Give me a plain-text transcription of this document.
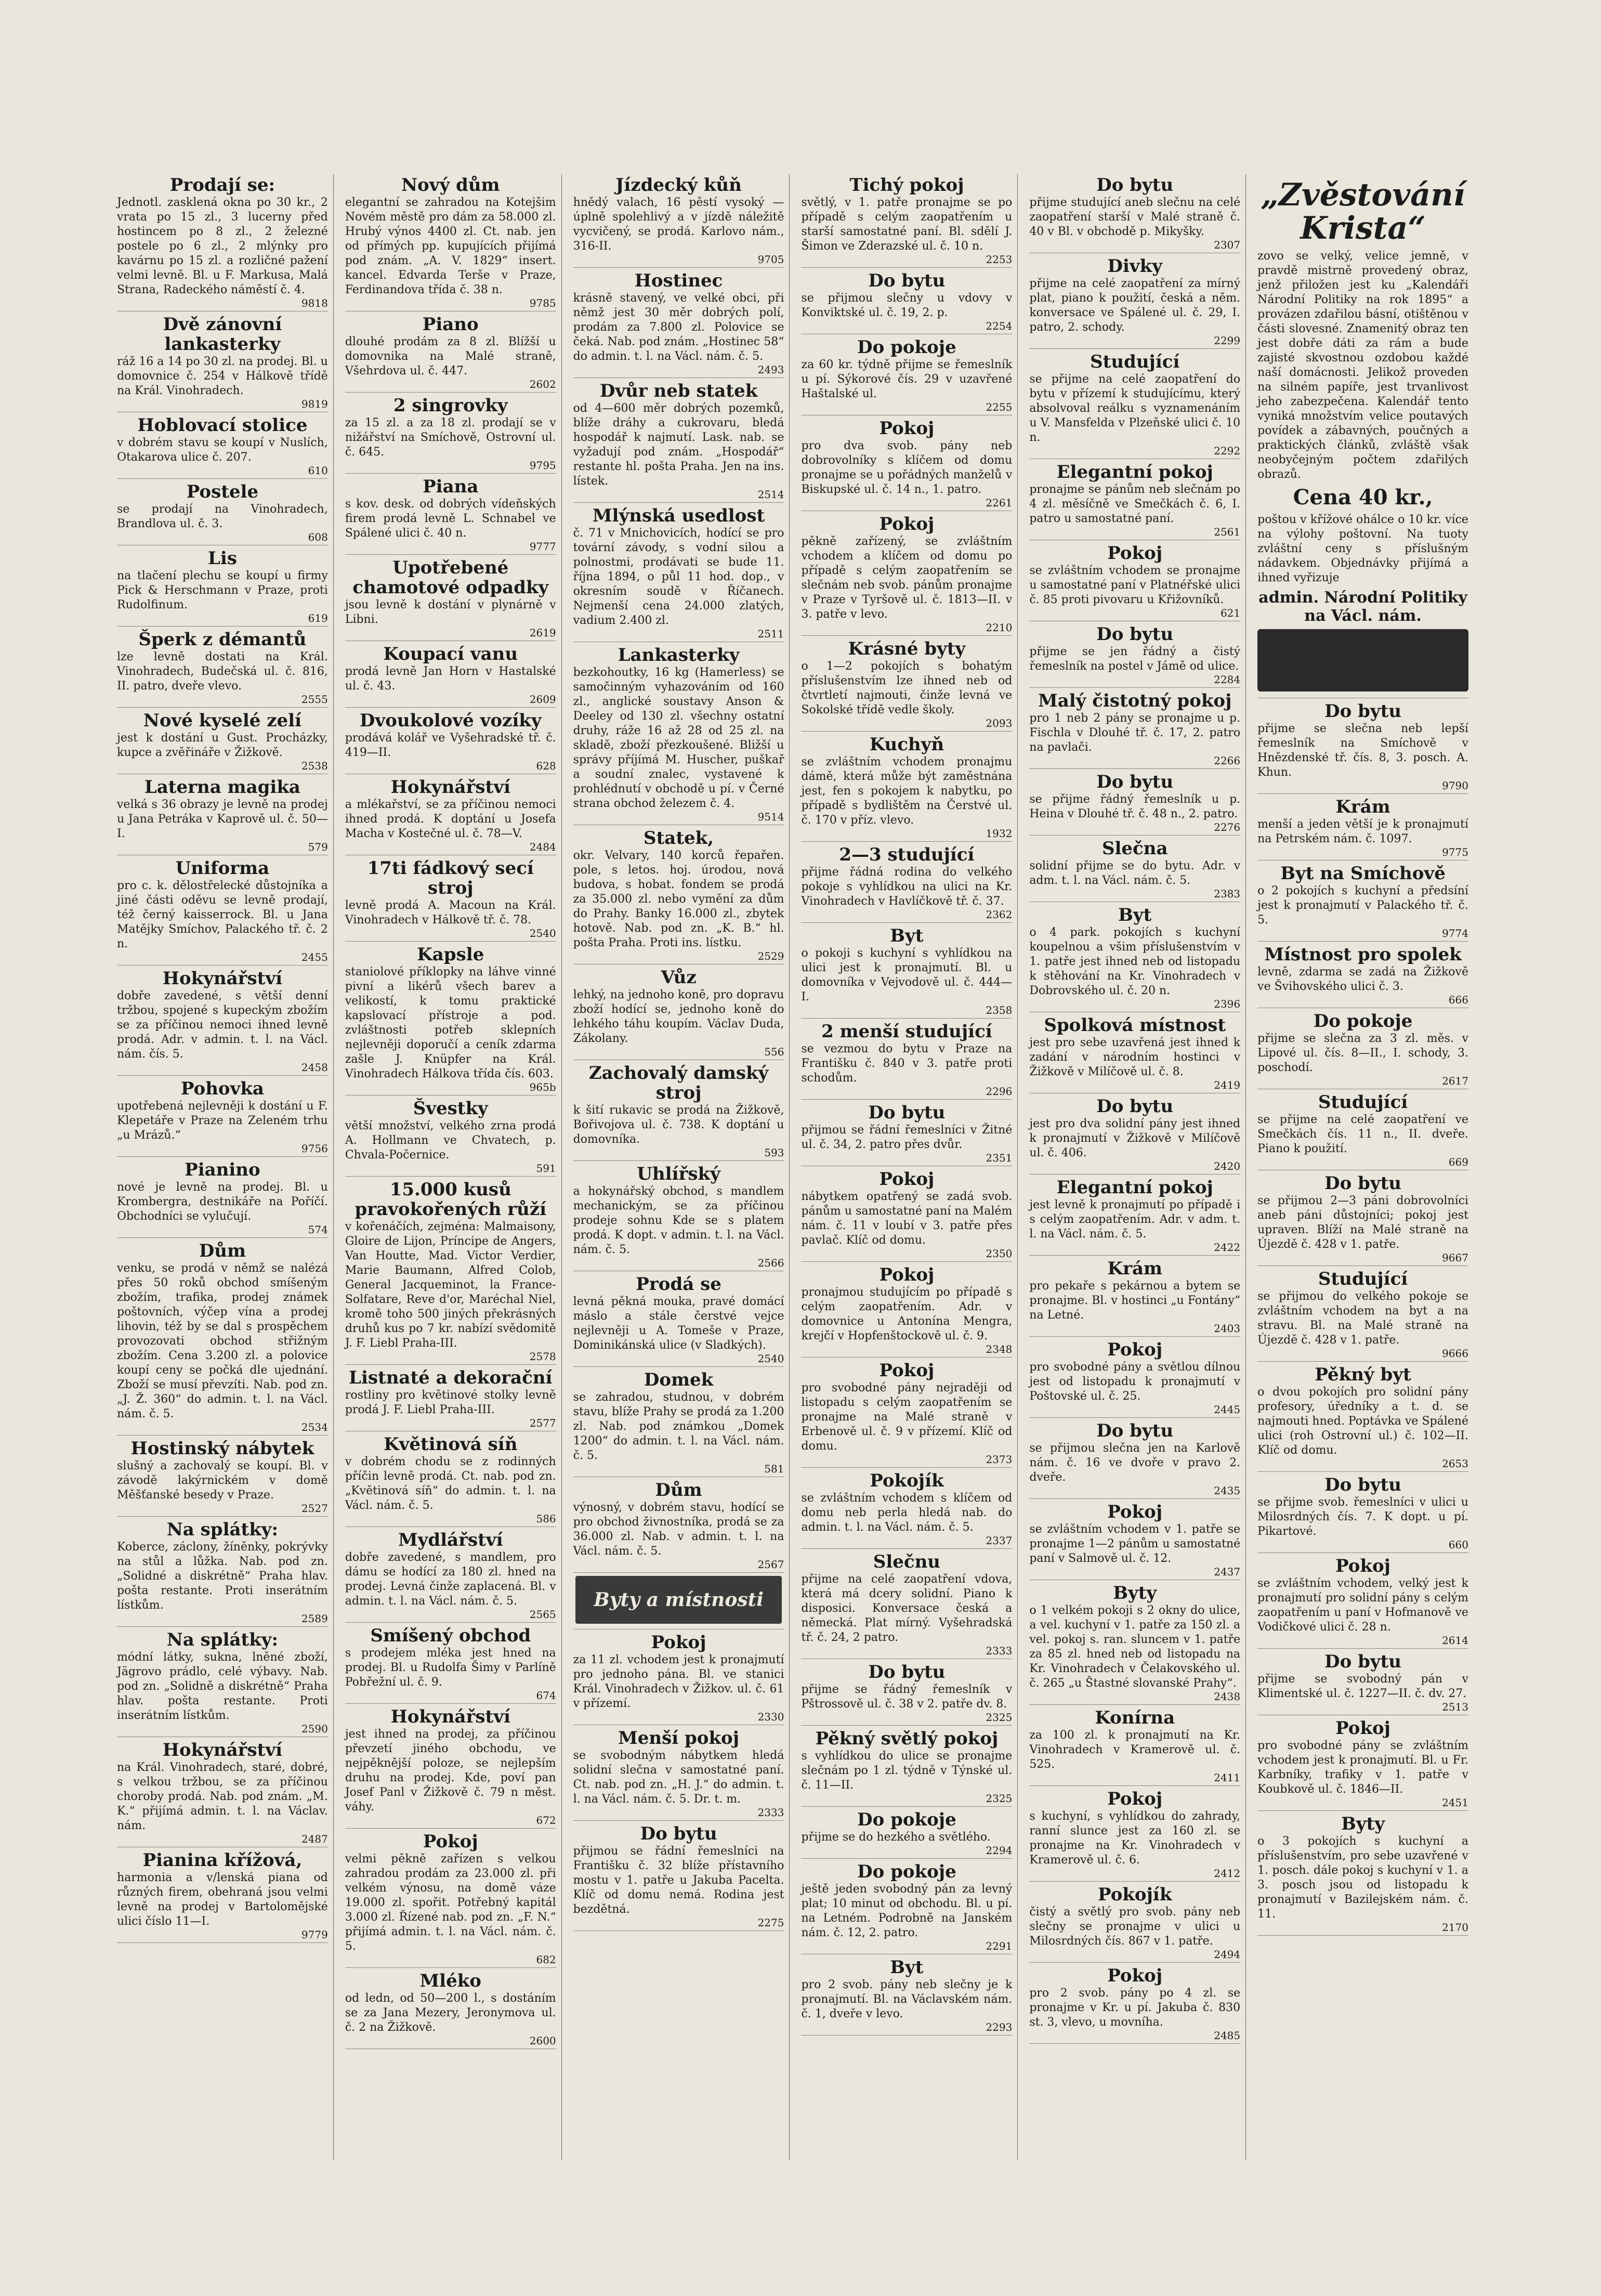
Prodají se:

Jednotl. zasklená okna po 30 kr., 2 vrata po 15 zl., 3 lucerny před hostincem po 8 zl., 2 železné postele po 6 zl., 2 mlýnky pro kavárnu po 15 zl. a rozličné pažení velmi levně. Bl. u F. Markusa, Malá Strana, Radeckého náměstí č. 4.

9818

Dvě zánovní lankasterky

ráž 16 a 14 po 30 zl. na prodej. Bl. u domovnice č. 254 v Hálkově třídě na Král. Vinohradech.

9819

Hoblovací stolice

v dobrém stavu se koupí v Nuslích, Otakarova ulice č. 207.

610

Postele

se prodají na Vinohradech, Brandlova ul. č. 3.

608

Lis

na tlačení plechu se koupí u firmy Pick & Herschmann v Praze, proti Rudolfinum.

619

Šperk z démantů

lze levně dostati na Král. Vinohradech, Budečská ul. č. 816, II. patro, dveře vlevo.

2555

Nové kyselé zelí

jest k dostání u Gust. Procházky, kupce a zvěřináře v Žižkově.

2538

Laterna magika

velká s 36 obrazy je levně na prodej u Jana Petráka v Kaprově ul. č. 50—I.

579

Uniforma

pro c. k. dělostřelecké důstojníka a jiné části oděvu se levně prodají, též černý kaisserrock. Bl. u Jana Matějky Smíchov, Palackého tř. č. 2 n.

2455

Hokynářství

dobře zavedené, s větší denní tržbou, spojené s kupeckým zbožím se za příčinou nemoci ihned levně prodá. Adr. v admin. t. l. na Václ. nám. čís. 5.

2458

Pohovka

upotřebená nejlevněji k dostání u F. Klepetáře v Praze na Zeleném trhu „u Mrázů.“

9756

Pianino

nové je levně na prodej. Bl. u Krombergra, destnikáře na Poříčí. Obchodníci se vylučují.

574

Dům

venku, se prodá v němž se nalézá přes 50 roků obchod smíšeným zbožím, trafika, prodej známek poštovních, výčep vína a prodej lihovin, též by se dal s prospěchem provozovati obchod střižným zbožím. Cena 3.200 zl. a polovice koupí ceny se počká dle ujednání. Zboží se musí převzíti. Nab. pod zn. „J. Ž. 360“ do admin. t. l. na Václ. nám. č. 5.

2534

Hostinský nábytek

slušný a zachovalý se koupí. Bl. v závodě lakýrnickém v domě Měšťanské besedy v Praze.

2527

Na splátky:

Koberce, záclony, žíněnky, pokrývky na stůl a lůžka. Nab. pod zn. „Solidné a diskrétně“ Praha hlav. pošta restante. Proti inserátním lístkům.

2589

Na splátky:

módní látky, sukna, lněné zboží, Jägrovo prádlo, celé výbavy. Nab. pod zn. „Solidně a diskrétně“ Praha hlav. pošta restante. Proti inserátním lístkům.

2590

Hokynářství

na Král. Vinohradech, staré, dobré, s velkou tržbou, se za příčinou choroby prodá. Nab. pod znám. „M. K.“ přijímá admin. t. l. na Václav. nám.

2487

Pianina křížová,

harmonia a v/lenská piana od různých firem, obehraná jsou velmi levně na prodej v Bartolomějské ulici číslo 11—I.

9779

Nový dům

elegantní se zahradou na Kotejšim Novém městě pro dám za 58.000 zl. Hrubý výnos 4400 zl. Ct. nab. jen od přímých pp. kupujících přijímá pod znám. „A. V. 1829“ insert. kancel. Edvarda Terše v Praze, Ferdinandova třída č. 38 n.

9785

Piano

dlouhé prodám za 8 zl. Blížší u domovnika na Malé straně, Všehrdova ul. č. 447.

2602

2 singrovky

za 15 zl. a za 18 zl. prodají se v nižářství na Smíchově, Ostrovní ul. č. 645.

9795

Piana

s kov. desk. od dobrých vídeňských firem prodá levně L. Schnabel ve Spálené ulici č. 40 n.

9777

Upotřebené chamotové odpadky

jsou levně k dostání v plynárně v Libni.

2619

Koupací vanu

prodá levně Jan Horn v Hastalské ul. č. 43.

2609

Dvoukolové vozíky

prodává kolář ve Vyšehradské tř. č. 419—II.

628

Hokynářství

a mlékařství, se za příčinou nemoci ihned prodá. K doptání u Josefa Macha v Kostečné ul. č. 78—V.

2484

17ti fádkový secí stroj

levně prodá A. Macoun na Král. Vinohradech v Hálkově tř. č. 78.

2540

Kapsle

staniolové příklopky na láhve vinné pivní a likérů všech barev a velikostí, k tomu praktické kapslovací přístroje a pod. zvláštnosti potřeb sklepních nejlevněji doporučí a ceník zdarma zašle J. Knüpfer na Král. Vinohradech Hálkova třída čís. 603.

965b

Švestky

větší množství, velkého zrna prodá A. Hollmann ve Chvatech, p. Chvala-Počernice.

591

15.000 kusů pravokořených růží

v kořenáčích, zejména: Malmaisony, Gloire de Lijon, Príncipe de Angers, Van Houtte, Mad. Victor Verdier, Marie Baumann, Alfred Colob, General Jacqueminot, la France-Solfatare, Reve d'or, Maréchal Niel, kromě toho 500 jiných překrásných druhů kus po 7 kr. nabízí svědomitě J. F. Liebl Praha-III.

2578

Listnaté a dekorační

rostliny pro květinové stolky levně prodá J. F. Liebl Praha-III.

2577

Květinová síň

v dobrém chodu se z rodinných příčin levně prodá. Ct. nab. pod zn. „Květinová síň“ do admin. t. l. na Václ. nám. č. 5.

586

Mydlářství

dobře zavedené, s mandlem, pro dámu se hodící za 180 zl. hned na prodej. Levná činže zaplacená. Bl. v admin. t. l. na Václ. nám. č. 5.

2565

Smíšený obchod

s prodejem mléka jest hned na prodej. Bl. u Rudolfa Šimy v Parlíně Pobřežní ul. č. 9.

674

Hokynářství

jest ihned na prodej, za příčinou převzetí jiného obchodu, ve nejpěknější poloze, se nejlepším druhu na prodej. Kde, poví pan Josef Panl v Žižkově č. 79 n měst. váhy.

672

Pokoj

velmi pěkně zařízen s velkou zahradou prodám za 23.000 zl. při velkém výnosu, na domě váze 19.000 zl. spořit. Potřebný kapitál 3.000 zl. Řízené nab. pod zn. „F. N.“ přijímá admin. t. l. na Václ. nám. č. 5.

682

Mléko

od ledn, od 50—200 l., s dostáním se za Jana Mezery, Jeronymova ul. č. 2 na Žižkově.

2600

Jízdecký kůň

hnědý valach, 16 pěstí vysoký — úplně spolehlivý a v jízdě náležitě vycvičený, se prodá. Karlovo nám., 316-II.

9705

Hostinec

krásně stavený, ve velké obci, při němž jest 30 měr dobrých polí, prodám za 7.800 zl. Polovice se čeká. Nab. pod znám. „Hostinec 58“ do admin. t. l. na Václ. nám. č. 5.

2493

Dvůr neb statek

od 4—600 měr dobrých pozemků, blíže dráhy a cukrovaru, bledá hospodář k najmutí. Lask. nab. se vyžadují pod znám. „Hospodář“ restante hl. pošta Praha. Jen na ins. lístek.

2514

Mlýnská usedlost

č. 71 v Mnichovicích, hodící se pro tovární závody, s vodní silou a polnostmi, prodávati se bude 11. října 1894, o půl 11 hod. dop., v okresním soudě v Říčanech. Nejmenší cena 24.000 zlatých, vadium 2.400 zl.

2511

Lankasterky

bezkohoutky, 16 kg (Hamerless) se samočinným vyhazováním od 160 zl., anglické soustavy Anson & Deeley od 130 zl. všechny ostatní druhy, ráže 16 až 28 od 25 zl. na skladě, zboží přezkoušené. Bližší u správy příjímá M. Huscher, puškař a soudní znalec, vystavené k prohlédnutí v obchodě u pí. v Černé strana obchod železem č. 4.

9514

Statek,

okr. Velvary, 140 korců řepařen. pole, s letos. hoj. úrodou, nová budova, s hobat. fondem se prodá za 35.000 zl. nebo vymění za dům do Prahy. Banky 16.000 zl., zbytek hotově. Nab. pod zn. „K. B.“ hl. pošta Praha. Proti ins. lístku.

2529

Vůz

lehký, na jednoho koně, pro dopravu zboží hodící se, jednoho koně do lehkého táhu koupím. Václav Duda, Zákolany.

556

Zachovalý damský stroj

k šití rukavic se prodá na Žižkově, Bořivojova ul. č. 738. K doptání u domovníka.

593

Uhlířský

a hokynářský obchod, s mandlem mechanickým, se za příčinou prodeje sohnu Kde se s platem prodá. K dopt. v admin. t. l. na Václ. nám. č. 5.

2566

Prodá se

levná pěkná mouka, pravé domácí máslo a stále čerstvé vejce nejlevněji u A. Tomeše v Praze, Dominikánská ulice (v Sladkých).

2540

Domek

se zahradou, studnou, v dobrém stavu, blíže Prahy se prodá za 1.200 zl. Nab. pod známkou „Domek 1200“ do admin. t. l. na Václ. nám. č. 5.

581

Dům

výnosný, v dobrém stavu, hodící se pro obchod živnostníka, prodá se za 36.000 zl. Nab. v admin. t. l. na Václ. nám. č. 5.

2567

Byty a místnosti
Pokoj

za 11 zl. vchodem jest k pronajmutí pro jednoho pána. Bl. ve stanici Král. Vinohradech v Žižkov. ul. č. 61 v přízemí.

2330

Menší pokoj

se svobodným nábytkem hledá solidní slečna v samostatné paní. Ct. nab. pod zn. „H. J.“ do admin. t. l. na Václ. nám. č. 5. Dr. t. m.

2333

Do bytu

přijmou se řádní řemeslníci na Františku č. 32 blíže přístavního mostu v 1. patře u Jakuba Pacelta. Klíč od domu nemá. Rodina jest bezdětná.

2275

Tichý pokoj

světlý, v 1. patře pronajme se po případě s celým zaopatřením u starší samostatné paní. Bl. sdělí J. Šimon ve Zderazské ul. č. 10 n.

2253

Do bytu

se přijmou slečny u vdovy v Konviktské ul. č. 19, 2. p.

2254

Do pokoje

za 60 kr. týdně přijme se řemeslník u pí. Sýkorové čís. 29 v uzavřené Haštalské ul.

2255

Pokoj

pro dva svob. pány neb dobrovolníky s klíčem od domu pronajme se u pořádných manželů v Biskupské ul. č. 14 n., 1. patro.

2261

Pokoj

pěkně zařízený, se zvláštním vchodem a klíčem od domu po případě s celým zaopatřením se slečnám neb svob. pánům pronajme v Praze v Tyršově ul. č. 1813—II. v 3. patře v levo.

2210

Krásné byty

o 1—2 pokojích s bohatým příslušenstvím lze ihned neb od čtvrtletí najmouti, činže levná ve Sokolské třídě vedle školy.

2093

Kuchyň

se zvláštním vchodem pronajmu dámě, která může být zaměstnána jest, fen s pokojem k nabytku, po případě s bydlištěm na Čerstvé ul. č. 170 v příz. vlevo.

1932

2—3 studující

přijme řádná rodina do velkého pokoje s vyhlídkou na ulici na Kr. Vinohradech v Havlíčkově tř. č. 37.

2362

Byt

o pokoji s kuchyní s vyhlídkou na ulici jest k pronajmutí. Bl. u domovníka v Vejvodově ul. č. 444—I.

2358

2 menší studující

se vezmou do bytu v Praze na Františku č. 840 v 3. patře proti schodům.

2296

Do bytu

přijmou se řádní řemeslníci v Žitné ul. č. 34, 2. patro přes dvůr.

2351

Pokoj

nábytkem opatřený se zadá svob. pánům u samostatné paní na Malém nám. č. 11 v loubí v 3. patře přes pavlač. Klíč od domu.

2350

Pokoj

pronajmou studujícím po případě s celým zaopatřením. Adr. v domovnice u Antonína Mengra, krejčí v Hopfenštockově ul. č. 9.

2348

Pokoj

pro svobodné pány nejraději od listopadu s celým zaopatřením se pronajme na Malé straně v Erbenově ul. č. 9 v přízemí. Klíč od domu.

2373

Pokojík

se zvláštním vchodem s klíčem od domu neb perla hledá nab. do admin. t. l. na Václ. nám. č. 5.

2337

Slečnu

přijme na celé zaopatření vdova, která má dcery solidní. Piano k disposici. Konversace česká a německá. Plat mírný. Vyšehradská tř. č. 24, 2 patro.

2333

Do bytu

přijme se řádný řemeslník v Pštrossově ul. č. 38 v 2. patře dv. 8.

2325

Pěkný světlý pokoj

s vyhlídkou do ulice se pronajme slečnám po 1 zl. týdně v Týnské ul. č. 11—II.

2325

Do pokoje

přijme se do hezkého a světlého.

2294

Do pokoje

ještě jeden svobodný pán za levný plat; 10 minut od obchodu. Bl. u pí. na Letném. Podrobně na Janském nám. č. 12, 2. patro.

2291

Byt

pro 2 svob. pány neb slečny je k pronajmutí. Bl. na Václavském nám. č. 1, dveře v levo.

2293

Do bytu

přijme studující aneb slečnu na celé zaopatření starší v Malé straně č. 40 v Bl. v obchodě p. Mikyšky.

2307

Divky

přijme na celé zaopatření za mírný plat, piano k použití, česká a něm. konversace ve Spálené ul. č. 29, I. patro, 2. schody.

2299

Studující

se přijme na celé zaopatření do bytu v přízemí k studujícímu, který absolvoval reálku s vyznamenáním u V. Mansfelda v Plzeňské ulici č. 10 n.

2292

Elegantní pokoj

pronajme se pánům neb slečnám po 4 zl. měsíčně ve Smečkách č. 6, I. patro u samostatné paní.

2561

Pokoj

se zvláštním vchodem se pronajme u samostatné paní v Platnéřské ulici č. 85 proti pivovaru u Křižovníků.

621

Do bytu

přijme se jen řádný a čistý řemeslník na postel v Jámě od ulice.

2284

Malý čistotný pokoj

pro 1 neb 2 pány se pronajme u p. Fischla v Dlouhé tř. č. 17, 2. patro na pavlači.

2266

Do bytu

se přijme řádný řemeslník u p. Heina v Dlouhé tř. č. 48 n., 2. patro.

2276

Slečna

solidní přijme se do bytu. Adr. v adm. t. l. na Václ. nám. č. 5.

2383

Byt

o 4 park. pokojích s kuchyní koupelnou a všim příslušenstvím v 1. patře jest ihned neb od listopadu k stěhování na Kr. Vinohradech v Dobrovského ul. č. 20 n.

2396

Spolková místnost

jest pro sebe uzavřená jest ihned k zadání v národním hostinci v Žižkově v Milíčově ul. č. 8.

2419

Do bytu

jest pro dva solidní pány jest ihned k pronajmutí v Žižkově v Milíčově ul. č. 406.

2420

Elegantní pokoj

jest levně k pronajmutí po případě i s celým zaopatřením. Adr. v adm. t. l. na Václ. nám. č. 5.

2422

Krám

pro pekaře s pekárnou a bytem se pronajme. Bl. v hostinci „u Fontány“ na Letné.

2403

Pokoj

pro svobodné pány a světlou dílnou jest od listopadu k pronajmutí v Poštovské ul. č. 25.

2445

Do bytu

se přijmou slečna jen na Karlově nám. č. 16 ve dvoře v pravo 2. dveře.

2435

Pokoj

se zvláštním vchodem v 1. patře se pronajme 1—2 pánům u samostatné paní v Salmově ul. č. 12.

2437

Byty

o 1 velkém pokoji s 2 okny do ulice, a vel. kuchyní v 1. patře za 150 zl. a vel. pokoj s. ran. sluncem v 1. patře za 85 zl. hned neb od listopadu na Kr. Vinohradech v Čelakovského ul. č. 265 „u Štastné slovanské Prahy“.

2438

Konírna

za 100 zl. k pronajmutí na Kr. Vinohradech v Kramerově ul. č. 525.

2411

Pokoj

s kuchyní, s vyhlídkou do zahrady, ranní slunce jest za 160 zl. se pronajme na Kr. Vinohradech v Kramerově ul. č. 6.

2412

Pokojík

čistý a světlý pro svob. pány neb slečny se pronajme v ulici u Milosrdných čís. 867 v 1. patře.

2494

Pokoj

pro 2 svob. pány po 4 zl. se pronajme v Kr. u pí. Jakuba č. 830 st. 3, vlevo, u movníha.

2485

„Zvěstování Krista“

zovo se velký, velice jemně, v pravdě mistrně provedený obraz, jenž přiložen jest ku „Kalendáři Národní Politiky na rok 1895“ a provázen zdařilou básní, otištěnou v části slovesné. Znamenitý obraz ten jest dobře dáti za rám a bude zajisté skvostnou ozdobou každé naší domácnosti. Jelikož proveden na silném papíře, jest trvanlivost jeho zabezpečena. Kalendář tento vyniká množstvím velice poutavých povídek a zábavných, poučných a praktických článků, zvláště však neobyčejným počtem zdařilých obrazů.

Cena 40 kr.,

poštou v křížové ohálce o 10 kr. více na výlohy poštovní. Na tuoty zvláštní ceny s příslušným nádavkem. Objednávky přijímá a ihned vyřizuje

admin. Národní Politiky na Václ. nám.
Do bytu

přijme se slečna neb lepší řemeslník na Smíchově v Hnězdenské tř. čís. 8, 3. posch. A. Khun.

9790

Krám

menší a jeden větší je k pronajmutí na Petrském nám. č. 1097.

9775

Byt na Smíchově

o 2 pokojích s kuchyní a předsíní jest k pronajmutí v Palackého tř. č. 5.

9774

Místnost pro spolek

levně, zdarma se zadá na Žižkově ve Švihovského ulici č. 3.

666

Do pokoje

přijme se slečna za 3 zl. měs. v Lipové ul. čís. 8—II., I. schody, 3. poschodí.

2617

Studující

se přijme na celé zaopatření ve Smečkách čís. 11 n., II. dveře. Piano k použití.

669

Do bytu

se přijmou 2—3 páni dobrovolníci aneb páni důstojníci; pokoj jest upraven. Blíží na Malé straně na Újezdě č. 428 v 1. patře.

9667

Studující

se přijmou do velkého pokoje se zvláštním vchodem na byt a na stravu. Bl. na Malé straně na Újezdě č. 428 v 1. patře.

9666

Pěkný byt

o dvou pokojích pro solidní pány profesory, úředníky a t. d. se najmouti hned. Poptávka ve Spálené ulici (roh Ostrovní ul.) č. 102—II. Klíč od domu.

2653

Do bytu

se přijme svob. řemeslníci v ulici u Milosrdných čís. 7. K dopt. u pí. Pikartové.

660

Pokoj

se zvláštním vchodem, velký jest k pronajmutí pro solidní pány s celým zaopatřením u paní v Hofmanově ve Vodičkové ulici č. 28 n.

2614

Do bytu

přijme se svobodný pán v Klimentské ul. č. 1227—II. č. dv. 27.

2513

Pokoj

pro svobodné pány se zvláštním vchodem jest k pronajmutí. Bl. u Fr. Karbníky, trafiky v 1. patře v Koubkově ul. č. 1846—II.

2451

Byty

o 3 pokojích s kuchyní a příslušenstvím, pro sebe uzavřené v 1. posch. dále pokoj s kuchyní v 1. a 3. posch jsou od listopadu k pronajmutí v Bazilejském nám. č. 11.

2170
